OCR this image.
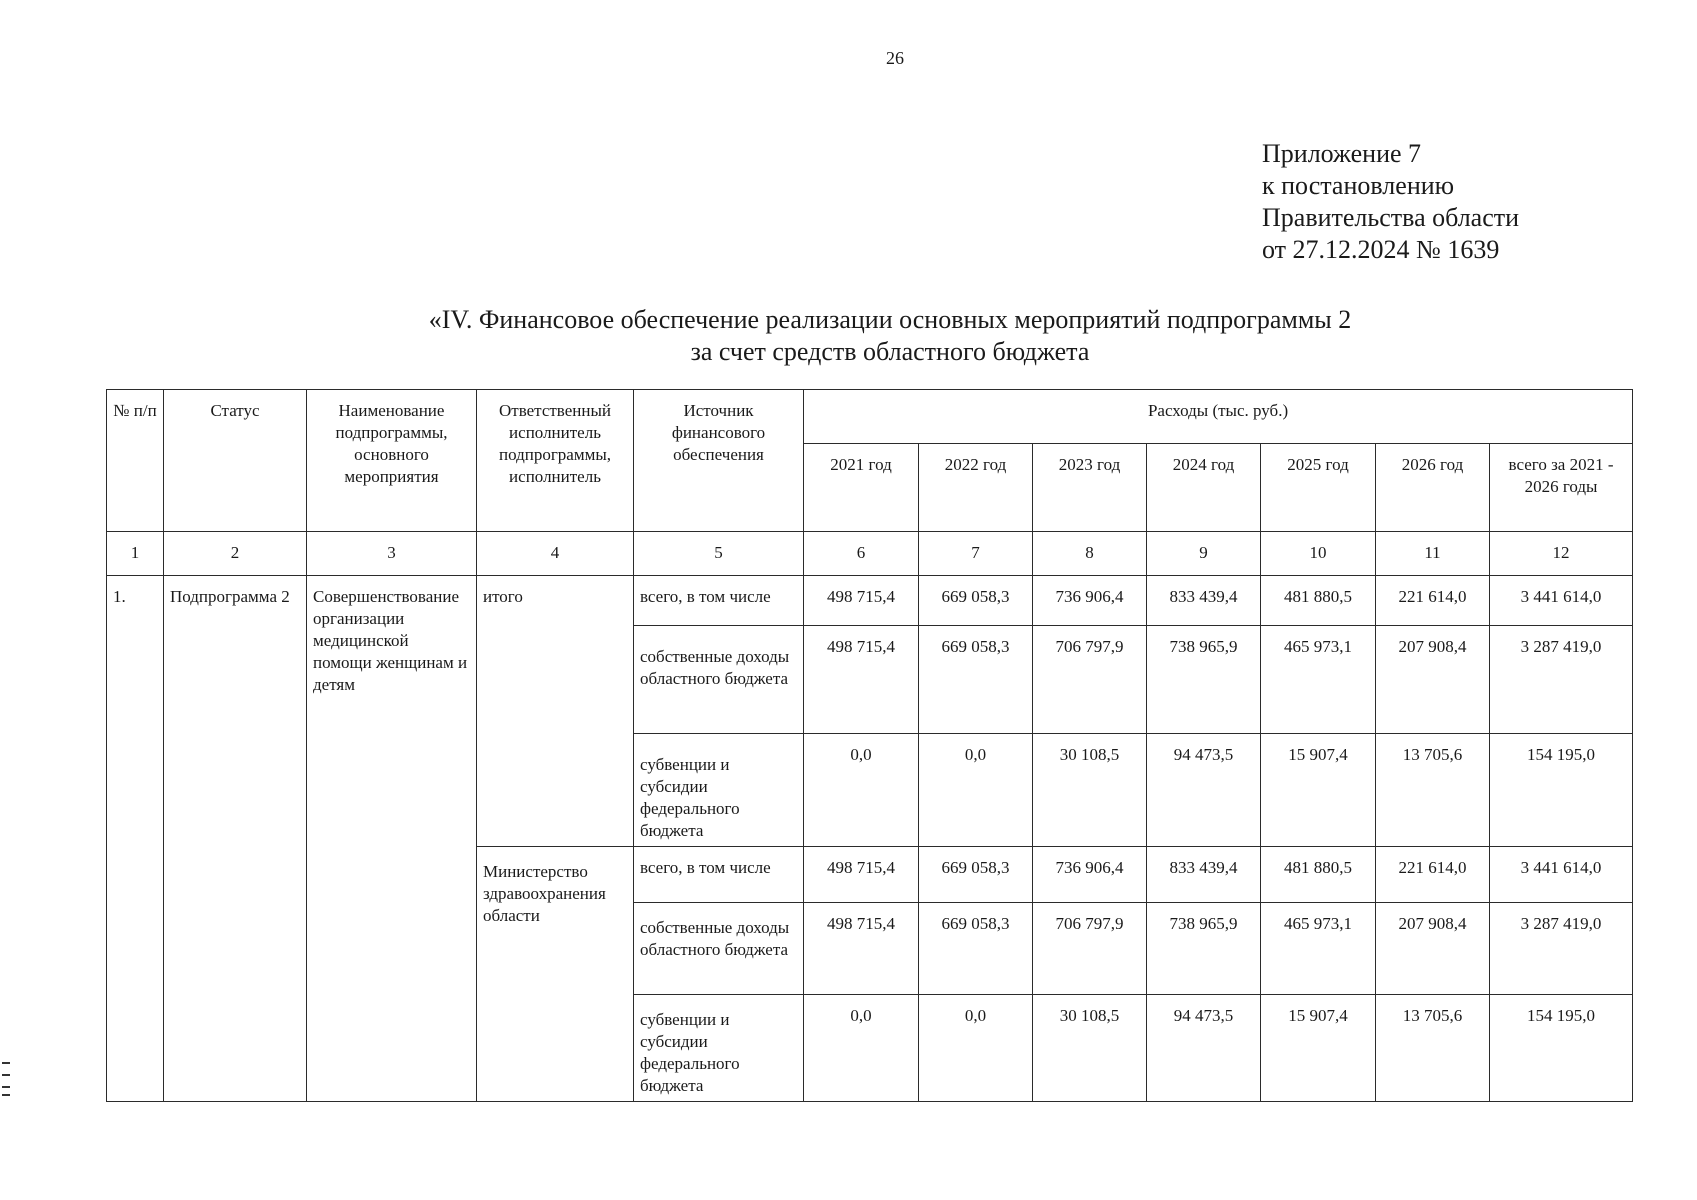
26
Приложение 7
к постановлению
Правительства области
от 27.12.2024 № 1639
«IV. Финансовое обеспечение реализации основных мероприятий подпрограммы 2
за счет средств областного бюджета
№ п/п	Статус	Наименование подпрограммы, основного мероприятия	Ответственный исполнитель подпрограммы, исполнитель	Источник финансового обеспечения	Расходы (тыс. руб.)						
					2021 год	2022 год	2023 год	2024 год	2025 год	2026 год	всего за 2021 - 2026 годы
1	2	3	4	5	6	7	8	9	10	11	12
1.	Подпрограмма 2	Совершенствование организации медицинской помощи женщинам и детям	итого	всего, в том числе	498 715,4	669 058,3	736 906,4	833 439,4	481 880,5	221 614,0	3 441 614,0
				собственные доходы областного бюджета	498 715,4	669 058,3	706 797,9	738 965,9	465 973,1	207 908,4	3 287 419,0
				субвенции и субсидии федерального бюджета	0,0	0,0	30 108,5	94 473,5	15 907,4	13 705,6	154 195,0
			Министерство здравоохранения области	всего, в том числе	498 715,4	669 058,3	736 906,4	833 439,4	481 880,5	221 614,0	3 441 614,0
				собственные доходы областного бюджета	498 715,4	669 058,3	706 797,9	738 965,9	465 973,1	207 908,4	3 287 419,0
				субвенции и субсидии федерального бюджета	0,0	0,0	30 108,5	94 473,5	15 907,4	13 705,6	154 195,0
